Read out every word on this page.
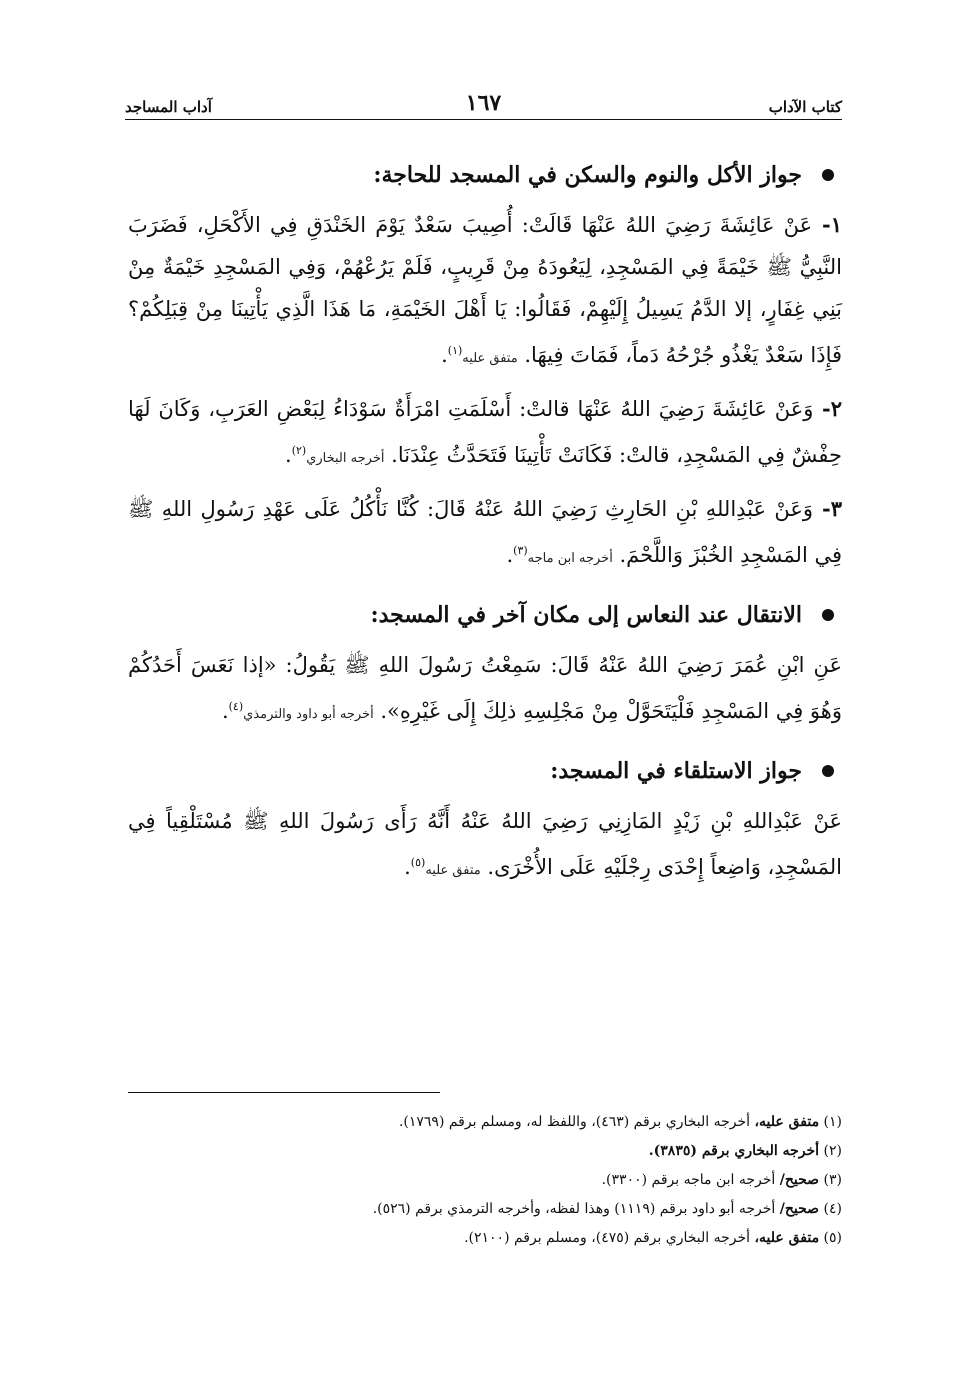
كتاب الآداب
١٦٧
آداب المساجد

جواز الأكل والنوم والسكن في المسجد للحاجة:

١- عَنْ عَائِشَةَ رَضِيَ اللهُ عَنْهَا قَالَتْ: أُصِيبَ سَعْدٌ يَوْمَ الخَنْدَقِ فِي الأَكْحَلِ، فَضَرَبَ النَّبِيُّ ﷺ خَيْمَةً فِي المَسْجِدِ، لِيَعُودَهُ مِنْ قَرِيبٍ، فَلَمْ يَرُعْهُمْ، وَفِي المَسْجِدِ خَيْمَةٌ مِنْ بَنِي غِفَارٍ، إلا الدَّمُ يَسِيلُ إِلَيْهِمْ، فَقَالُوا: يَا أَهْلَ الخَيْمَةِ، مَا هَذَا الَّذِي يَأْتِينَا مِنْ قِبَلِكُمْ؟ فَإِذَا سَعْدٌ يَغْذُو جُرْحُهُ دَماً، فَمَاتَ فِيهَا. متفق عليه$^{(١)}$.

٢- وَعَنْ عَائِشَةَ رَضِيَ اللهُ عَنْهَا قالتْ: أَسْلَمَتِ امْرَأَةٌ سَوْدَاءُ لِبَعْضِ العَرَبِ، وَكَانَ لَهَا حِفْشٌ فِي المَسْجِدِ، قالتْ: فَكَانَتْ تَأْتِينَا فَتَحَدَّثُ عِنْدَنَا. أخرجه البخاري$^{(٢)}$.

٣- وَعَنْ عَبْدِاللهِ بْنِ الحَارِثِ رَضِيَ اللهُ عَنْهُ قَالَ: كُنَّا نَأْكُلُ عَلَى عَهْدِ رَسُولِ اللهِ ﷺ فِي المَسْجِدِ الخُبْزَ وَاللَّحْمَ. أخرجه ابن ماجه$^{(٣)}$.

الانتقال عند النعاس إلى مكان آخر في المسجد:

عَنِ ابْنِ عُمَرَ رَضِيَ اللهُ عَنْهُ قَالَ: سَمِعْتُ رَسُولَ اللهِ ﷺ يَقُولُ: «إذا نَعَسَ أَحَدُكُمْ وَهُوَ فِي المَسْجِدِ فَلْيَتَحَوَّلْ مِنْ مَجْلِسِهِ ذلِكَ إِلَى غَيْرِهِ». أخرجه أبو داود والترمذي$^{(٤)}$.

جواز الاستلقاء في المسجد:

عَنْ عَبْدِاللهِ بْنِ زَيْدٍ المَازِنِي رَضِيَ اللهُ عَنْهُ أَنَّهُ رَأَى رَسُولَ اللهِ ﷺ مُسْتَلْقِياً فِي المَسْجِدِ، وَاضِعاً إِحْدَى رِجْلَيْهِ عَلَى الأُخْرَى. متفق عليه$^{(٥)}$.

(١) متفق عليه، أخرجه البخاري برقم (٤٦٣)، واللفظ له، ومسلم برقم (١٧٦٩).

(٢) أخرجه البخاري برقم (٣٨٣٥).

(٣) صحيح/ أخرجه ابن ماجه برقم (٣٣٠٠).

(٤) صحيح/ أخرجه أبو داود برقم (١١١٩) وهذا لفظه، وأخرجه الترمذي برقم (٥٢٦).

(٥) متفق عليه، أخرجه البخاري برقم (٤٧٥)، ومسلم برقم (٢١٠٠).
